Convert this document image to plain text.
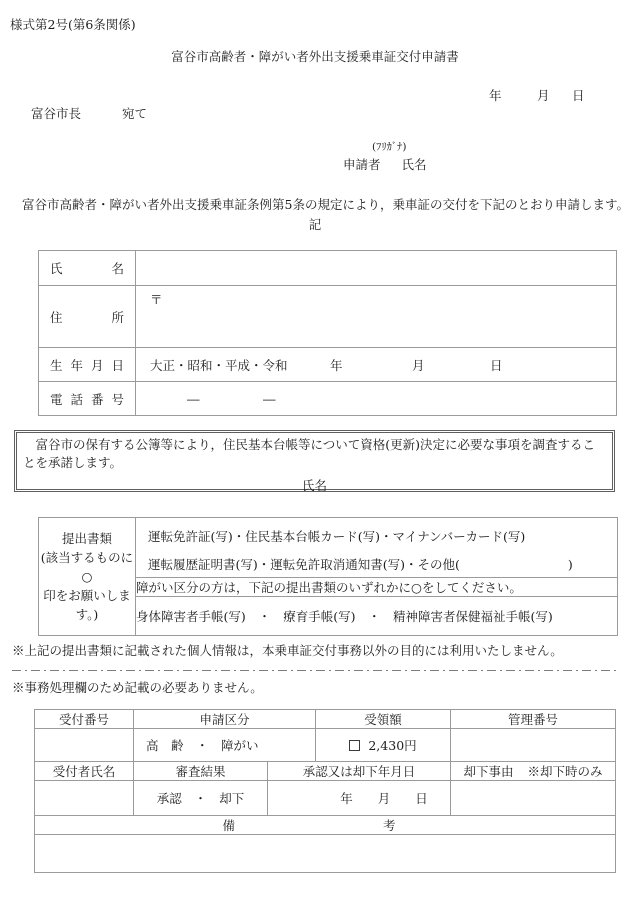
様式第2号(第6条関係)
富谷市高齢者・障がい者外出支援乗車証交付申請書
年	月 日
富谷市長	宛て
(ﾌﾘｶﾞﾅ)
申請者 氏名
富谷市高齢者・障がい者外出支援乗車証条例第5条の規定により，乗車証の交付を下記のとおり申請します。
記
氏 名	

住 所	〒

生 年 月 日	大正・昭和・平成・令和 年 月 日

電 話 番 号	― ―
富谷市の保有する公簿等により，住民基本台帳等について資格(更新)決定に必要な事項を調査することを承諾します。
氏名
提出書類
(該当するものに○
印をお願いします。)

運転免許証(写)・住民基本台帳カード(写)・マイナンバーカード(写)
運転履歴証明書(写)・運転免許取消通知書(写)・その他(	)

障がい区分の方は，下記の提出書類のいずれかに○をしてください。
身体障害者手帳(写)　・　療育手帳(写)　・　精神障害者保健福祉手帳(写)
※上記の提出書類に記載された個人情報は，本乗車証交付事務以外の目的には利用いたしません。
※事務処理欄のため記載の必要ありません。
受付番号	申請区分		受領額	管理番号
	高　齢　・　障がい		2,430円	

受付者氏名	審査結果	承認又は却下年月日		却下事由 ※却下時のみ

	承認　・　却下	年　　月　　日		

備 考				
